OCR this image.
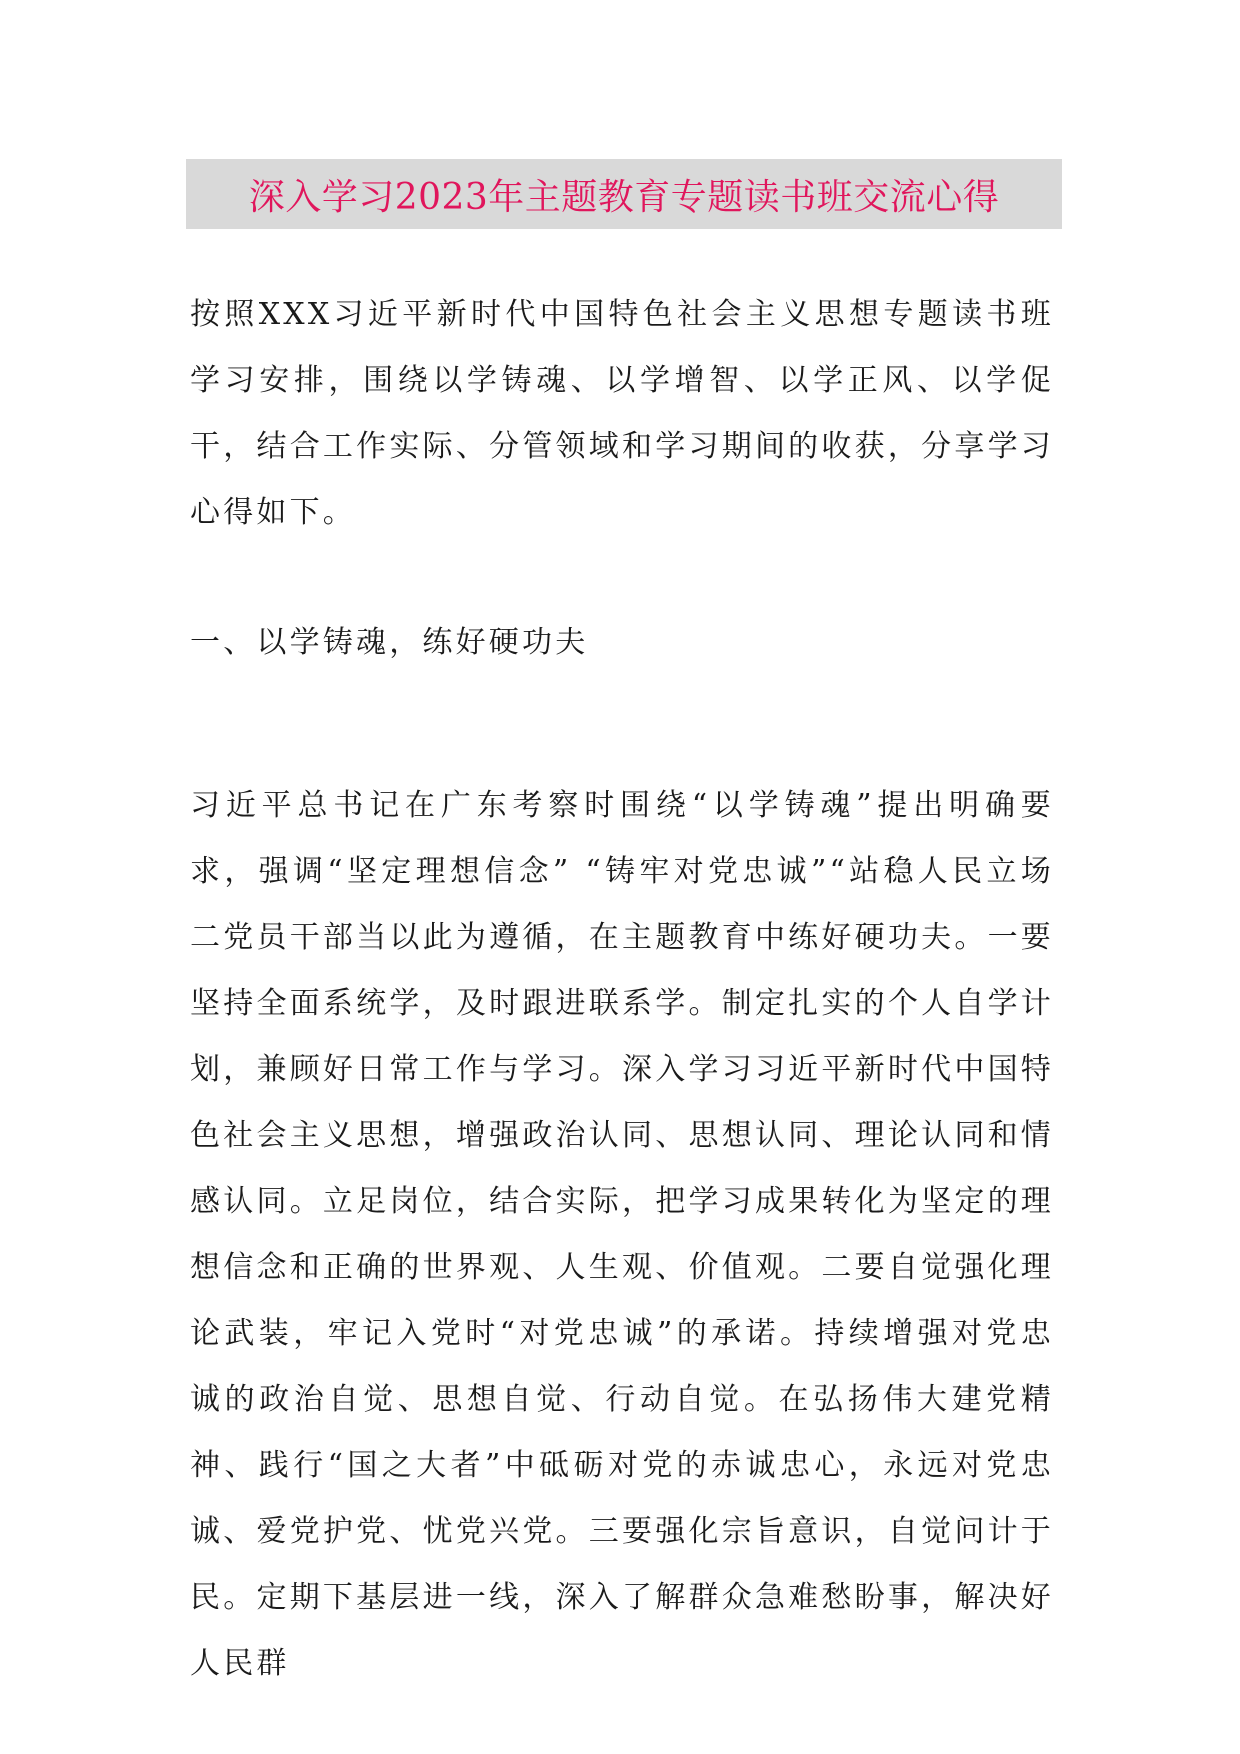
深入学习2023年主题教育专题读书班交流心得

按照XXX习近平新时代中国特色社会主义思想专题读书班学习安排，围绕以学铸魂、以学增智、以学正风、以学促干，结合工作实际、分管领域和学习期间的收获，分享学习心得如下。

一、以学铸魂，练好硬功夫

习近平总书记在广东考察时围绕“以学铸魂”提出明确要求，强调“坚定理想信念” “铸牢对党忠诚”“站稳人民立场二党员干部当以此为遵循，在主题教育中练好硬功夫。一要坚持全面系统学，及时跟进联系学。制定扎实的个人自学计划，兼顾好日常工作与学习。深入学习习近平新时代中国特色社会主义思想，增强政治认同、思想认同、理论认同和情感认同。立足岗位，结合实际，把学习成果转化为坚定的理想信念和正确的世界观、人生观、价值观。二要自觉强化理论武装，牢记入党时“对党忠诚”的承诺。持续增强对党忠诚的政治自觉、思想自觉、行动自觉。在弘扬伟大建党精神、践行“国之大者”中砥砺对党的赤诚忠心，永远对党忠诚、爱党护党、忧党兴党。三要强化宗旨意识，自觉问计于民。定期下基层进一线，深入了解群众急难愁盼事，解决好人民群
